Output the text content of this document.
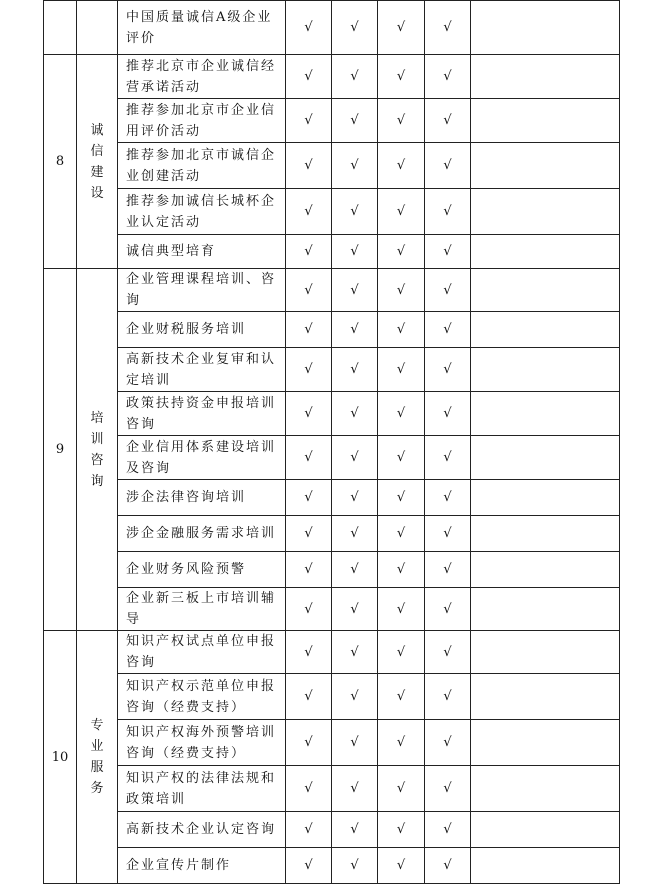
		中国质量诚信A级企业评价	√	√	√	√	
8	诚信建设	推荐北京市企业诚信经营承诺活动	√	√	√	√	
		推荐参加北京市企业信用评价活动	√	√	√	√	
		推荐参加北京市诚信企业创建活动	√	√	√	√	
		推荐参加诚信长城杯企业认定活动	√	√	√	√	
		诚信典型培育	√	√	√	√	
9	培训咨询	企业管理课程培训、咨询	√	√	√	√	
		企业财税服务培训	√	√	√	√	
		高新技术企业复审和认定培训	√	√	√	√	
		政策扶持资金申报培训咨询	√	√	√	√	
		企业信用体系建设培训及咨询	√	√	√	√	
		涉企法律咨询培训	√	√	√	√	
		涉企金融服务需求培训	√	√	√	√	
		企业财务风险预警	√	√	√	√	
		企业新三板上市培训辅导	√	√	√	√	
10	专业服务	知识产权试点单位申报咨询	√	√	√	√	
		知识产权示范单位申报咨询（经费支持）	√	√	√	√	
		知识产权海外预警培训咨询（经费支持）	√	√	√	√	
		知识产权的法律法规和政策培训	√	√	√	√	
		高新技术企业认定咨询	√	√	√	√	
		企业宣传片制作	√	√	√	√	
